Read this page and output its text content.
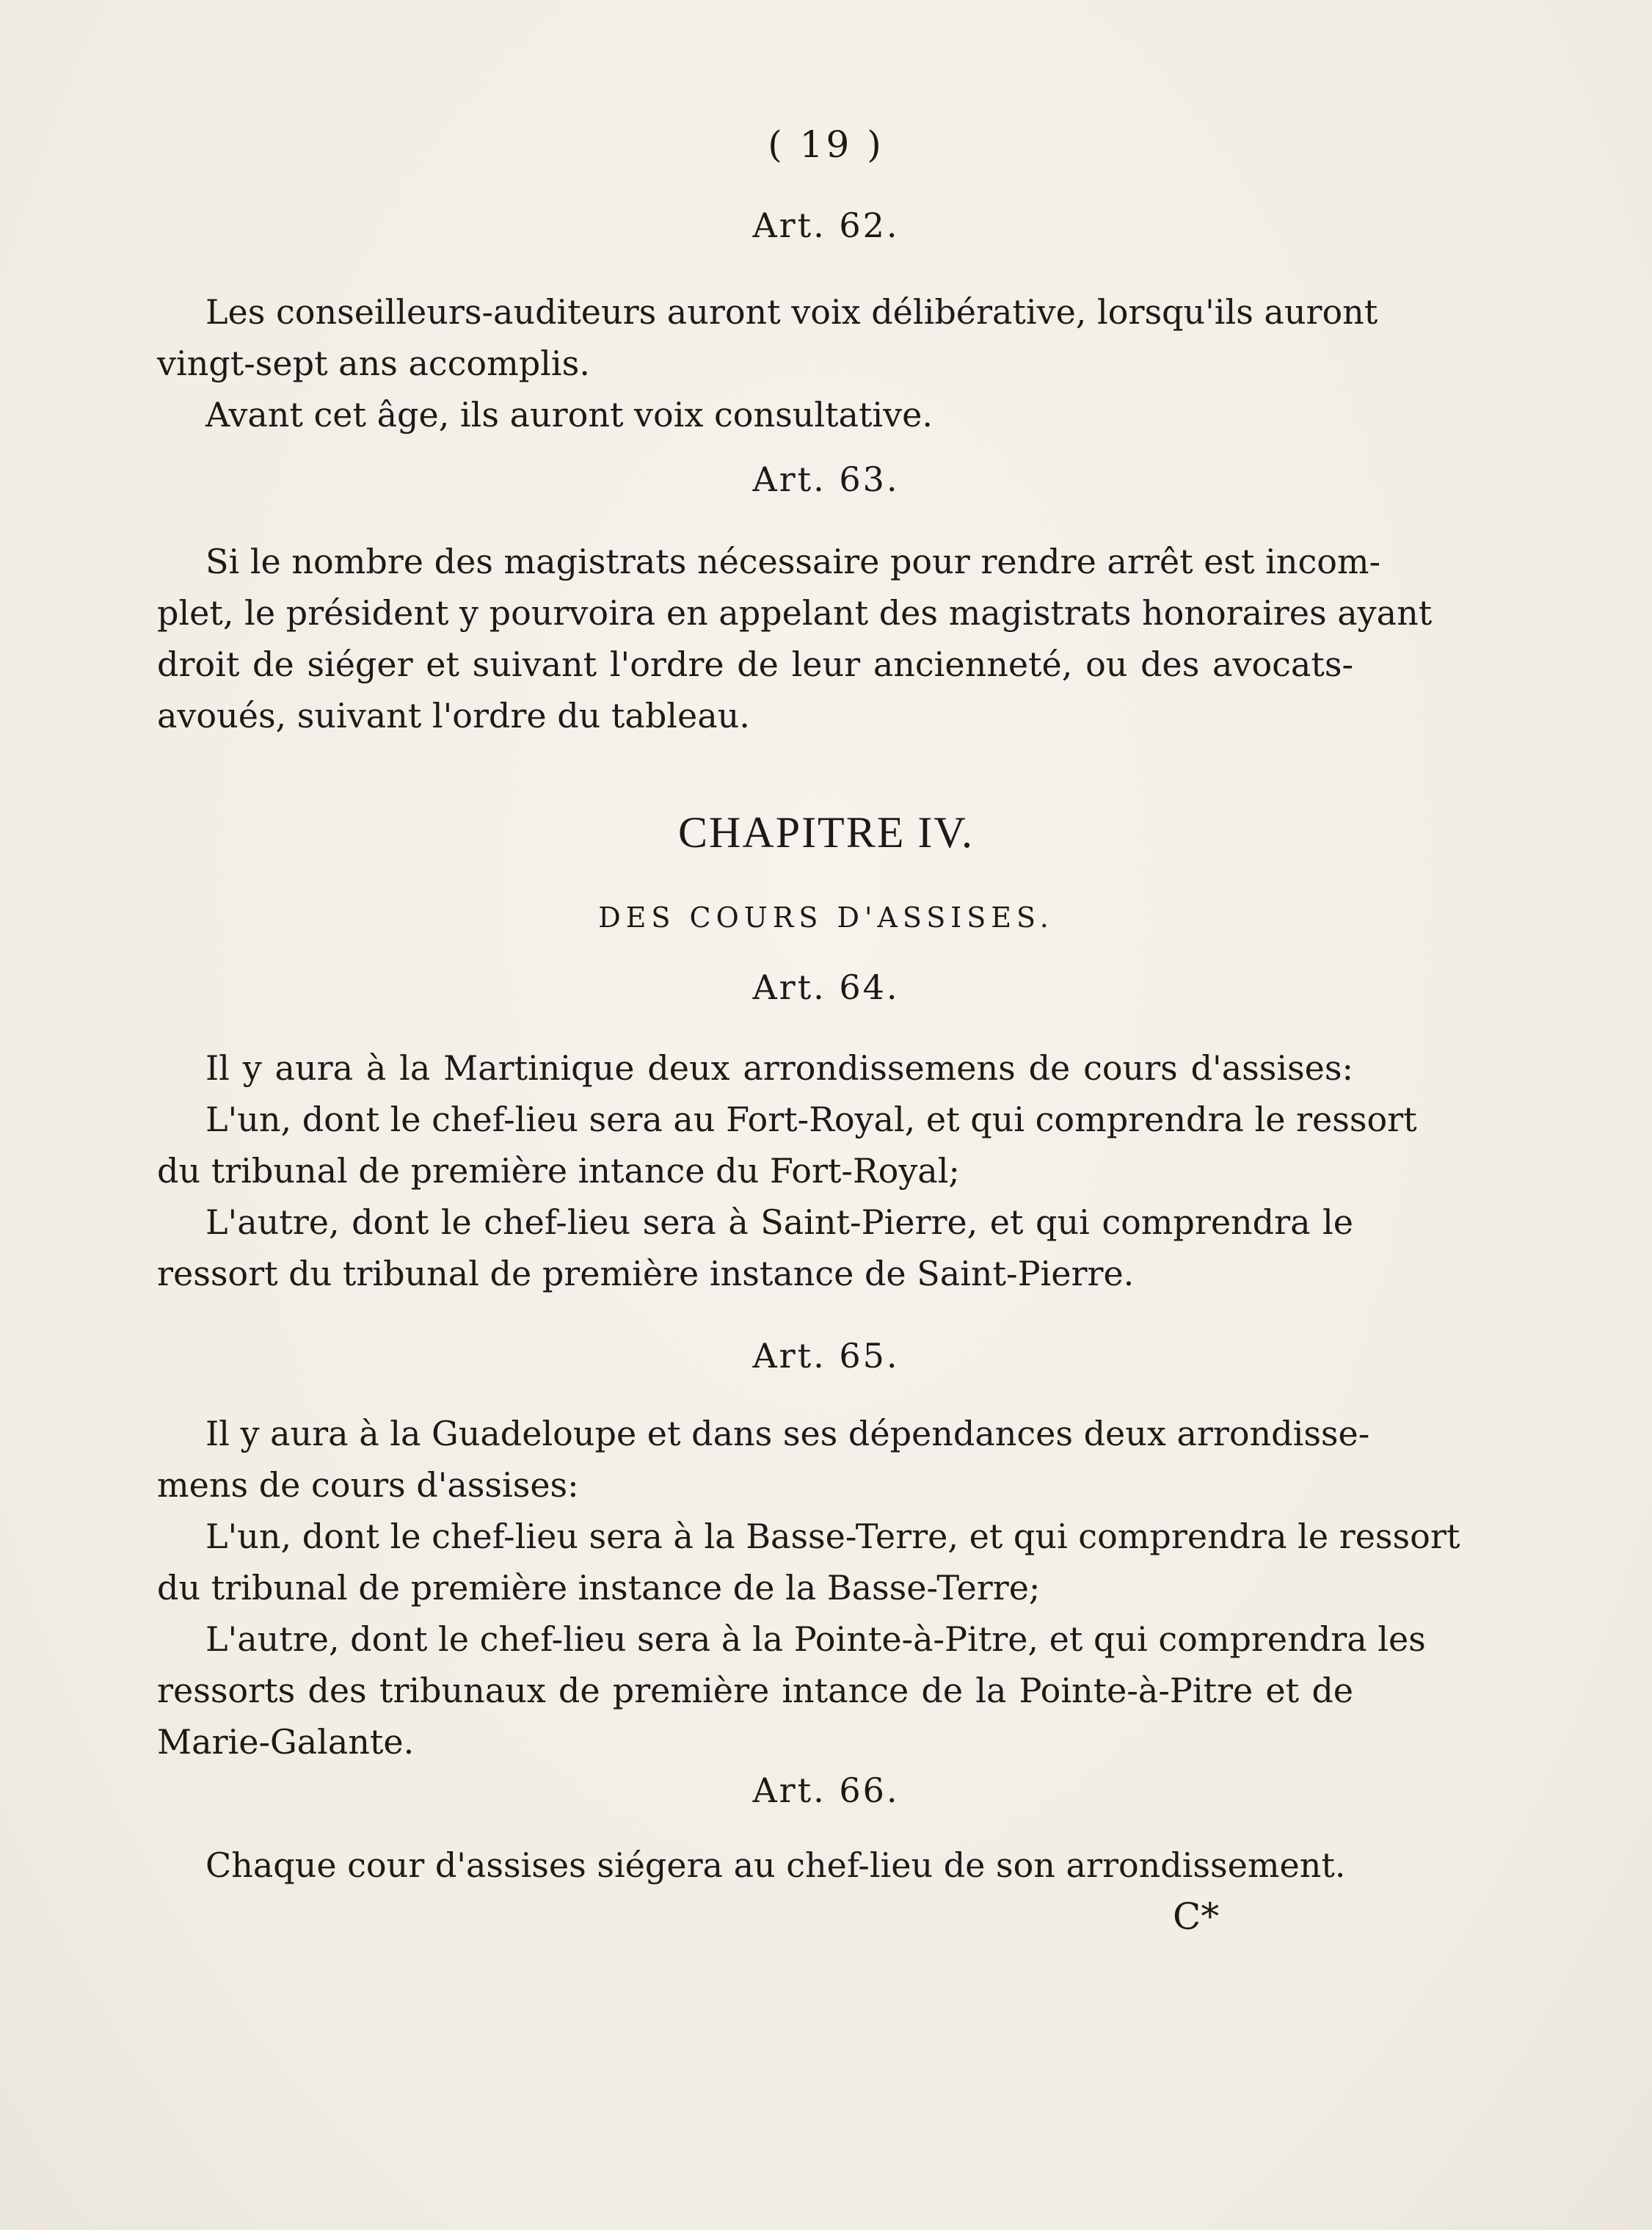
( 19 )
Art. 62.
Les conseilleurs-auditeurs auront voix délibérative, lorsqu'ils auront
vingt-sept ans accomplis.
Avant cet âge, ils auront voix consultative.
Art. 63.
Si le nombre des magistrats nécessaire pour rendre arrêt est incom-
plet, le président y pourvoira en appelant des magistrats honoraires ayant
droit de siéger et suivant l'ordre de leur ancienneté, ou des avocats-
avoués, suivant l'ordre du tableau.
CHAPITRE IV.
DES COURS D'ASSISES.
Art. 64.
Il y aura à la Martinique deux arrondissemens de cours d'assises:
L'un, dont le chef-lieu sera au Fort-Royal, et qui comprendra le ressort
du tribunal de première intance du Fort-Royal;
L'autre, dont le chef-lieu sera à Saint-Pierre, et qui comprendra le
ressort du tribunal de première instance de Saint-Pierre.
Art. 65.
Il y aura à la Guadeloupe et dans ses dépendances deux arrondisse-
mens de cours d'assises:
L'un, dont le chef-lieu sera à la Basse-Terre, et qui comprendra le ressort
du tribunal de première instance de la Basse-Terre;
L'autre, dont le chef-lieu sera à la Pointe-à-Pitre, et qui comprendra les
ressorts des tribunaux de première intance de la Pointe-à-Pitre et de
Marie-Galante.
Art. 66.
Chaque cour d'assises siégera au chef-lieu de son arrondissement.
C*
